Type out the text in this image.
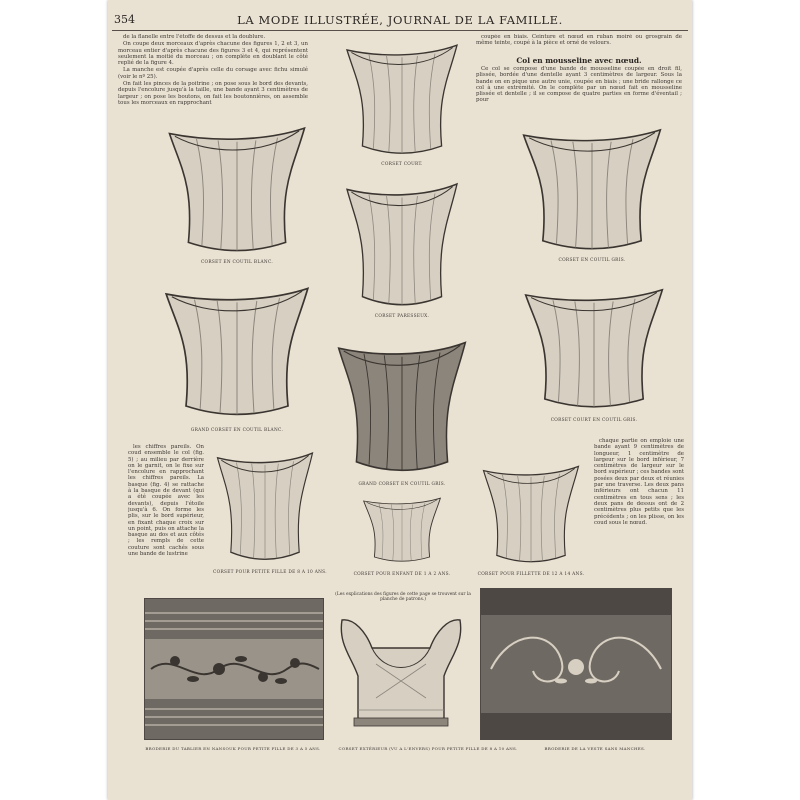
354	LA MODE ILLUSTRÉE, JOURNAL DE LA FAMILLE.

de la flanelle entre l'étoffe de dessus et la doublure.

On coupe deux morceaux d'après chacune des figures 1, 2 et 3, un morceau entier d'après chacune des figures 3 et 4, qui représentent seulement la moitié du morceau ; on complète en doublant le côté replié de la figure 4.

La manche est coupée d'après celle du corsage avec fichu simulé (voir le nº 25).

On fait les pinces de la poitrine ; on pose sous le bord des devants, depuis l'encolure jusqu'à la taille, une bande ayant 3 centimètres de largeur ; on pose les boutons, on fait les boutonnières, on assemble tous les morceaux en rapprochant

coupée en biais. Ceinture et nœud en ruban moiré ou grosgrain de même teinte, coupé à la pièce et orné de velours.

Col en mousseline avec nœud.

Ce col se compose d'une bande de mousseline coupée en droit fil, plissée, bordée d'une dentelle ayant 3 centimètres de largeur. Sous la bande on en pique une autre unie, coupée en biais ; une bride rallonge ce col à une extrémité. On le complète par un nœud fait en mousseline plissée et dentelle ; il se compose de quatre parties en forme d'éventail ; pour

CORSET COURT.
CORSET EN COUTIL BLANC.
CORSET PARESSEUX.
CORSET EN COUTIL GRIS.
GRAND CORSET EN COUTIL BLANC.
GRAND CORSET EN COUTIL GRIS.
CORSET COURT EN COUTIL GRIS.

les chiffres pareils. On coud ensemble le col (fig. 5) ; au milieu par derrière on le garnit, on le fixe sur l'encolure en rapprochant les chiffres pareils. La basque (fig. 4) se rattache à la basque de devant (qui a été coupée avec les devants), depuis l'étoile jusqu'à 6. On forme les plis, sur le bord supérieur, en fixant chaque croix sur un point, puis on attache la basque au dos et aux côtés ; les rempls de cette couture sont cachés sous une bande de lustrine

chaque partie on emploie une bande ayant 9 centimètres de longueur, 1 centimètre de largeur sur le bord inférieur, 7 centimètres de largeur sur le bord supérieur ; ces bandes sont posées deux par deux et réunies par une traverse. Les deux pans inférieurs ont chacun 11 centimètres en tous sens ; les deux pans de dessus ont de 2 centimètres plus petits que les précédents ; on les plisse, on les coud sous le nœud.

CORSET POUR PETITE FILLE DE 8 A 10 ANS.	CORSET POUR ENFANT DE 1 A 2 ANS.	CORSET POUR FILLETTE DE 12 A 14 ANS.
BRODERIE DU TABLIER EN NANSOUK POUR PETITE FILLE DE 3 A 5 ANS.
(Les explications des figures de cette page se trouvent sur la planche de patrons.)
CORSET EXTÉRIEUR (VU A L'ENVERS) POUR PETITE FILLE DE 8 A 10 ANS.	BRODERIE DE LA VESTE SANS MANCHES.
